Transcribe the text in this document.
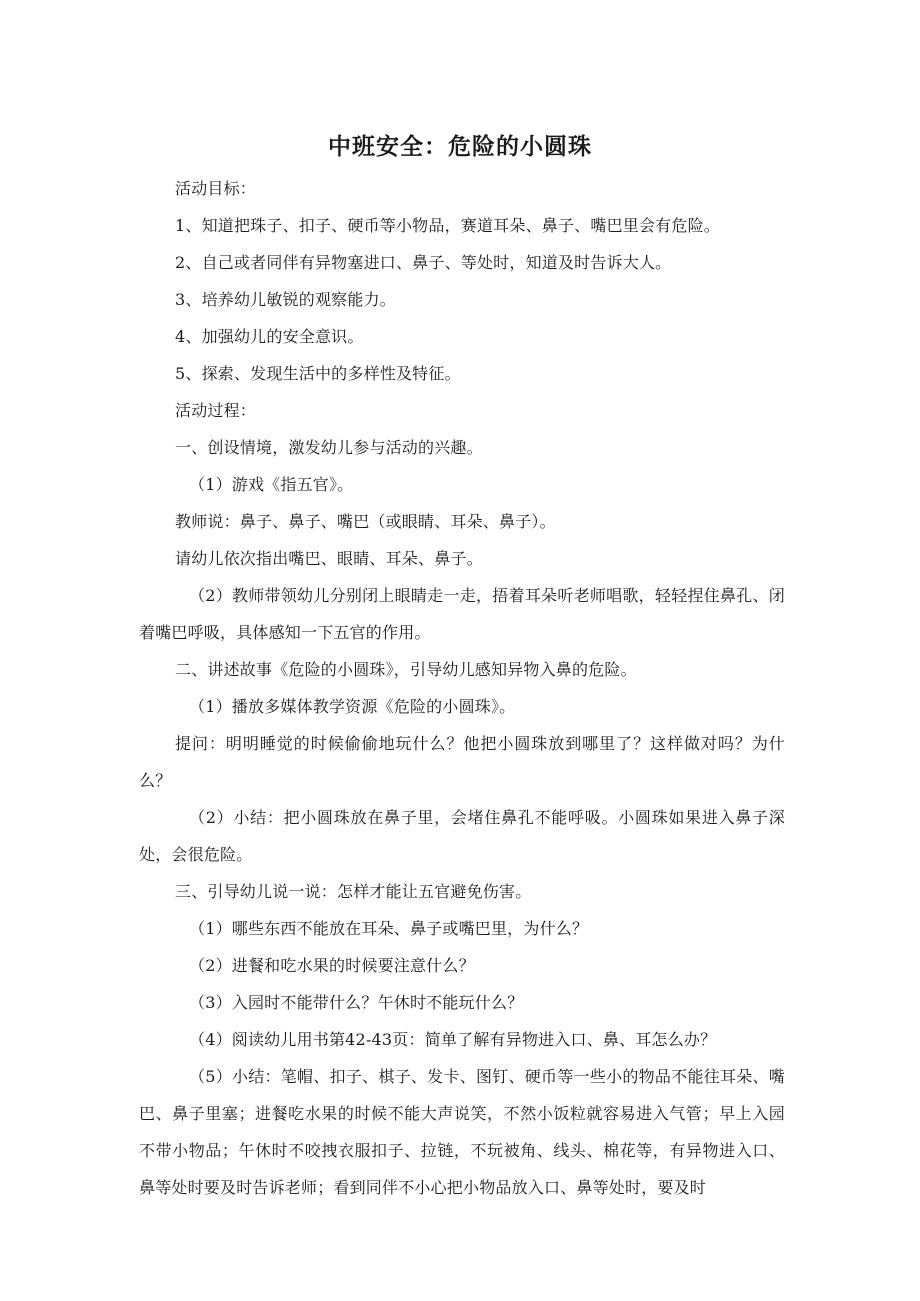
中班安全：危险的小圆珠

活动目标：

1、知道把珠子、扣子、硬币等小物品，赛道耳朵、鼻子、嘴巴里会有危险。

2、自己或者同伴有异物塞进口、鼻子、等处时，知道及时告诉大人。

3、培养幼儿敏锐的观察能力。

4、加强幼儿的安全意识。

5、探索、发现生活中的多样性及特征。

活动过程：

一、创设情境，激发幼儿参与活动的兴趣。

（1）游戏《指五官》。

教师说：鼻子、鼻子、嘴巴（或眼睛、耳朵、鼻子）。

请幼儿依次指出嘴巴、眼睛、耳朵、鼻子。

（2）教师带领幼儿分别闭上眼睛走一走，捂着耳朵听老师唱歌，轻轻捏住鼻孔、闭着嘴巴呼吸，具体感知一下五官的作用。

二、讲述故事《危险的小圆珠》，引导幼儿感知异物入鼻的危险。

（1）播放多媒体教学资源《危险的小圆珠》。

提问：明明睡觉的时候偷偷地玩什么？他把小圆珠放到哪里了？这样做对吗？为什么？

（2）小结：把小圆珠放在鼻子里，会堵住鼻孔不能呼吸。小圆珠如果进入鼻子深处，会很危险。

三、引导幼儿说一说：怎样才能让五官避免伤害。

（1）哪些东西不能放在耳朵、鼻子或嘴巴里，为什么？

（2）进餐和吃水果的时候要注意什么？

（3）入园时不能带什么？午休时不能玩什么？

（4）阅读幼儿用书第42-43页：简单了解有异物进入口、鼻、耳怎么办？

（5）小结：笔帽、扣子、棋子、发卡、图钉、硬币等一些小的物品不能往耳朵、嘴巴、鼻子里塞；进餐吃水果的时候不能大声说笑，不然小饭粒就容易进入气管；早上入园不带小物品；午休时不咬拽衣服扣子、拉链，不玩被角、线头、棉花等，有异物进入口、鼻等处时要及时告诉老师；看到同伴不小心把小物品放入口、鼻等处时，要及时
